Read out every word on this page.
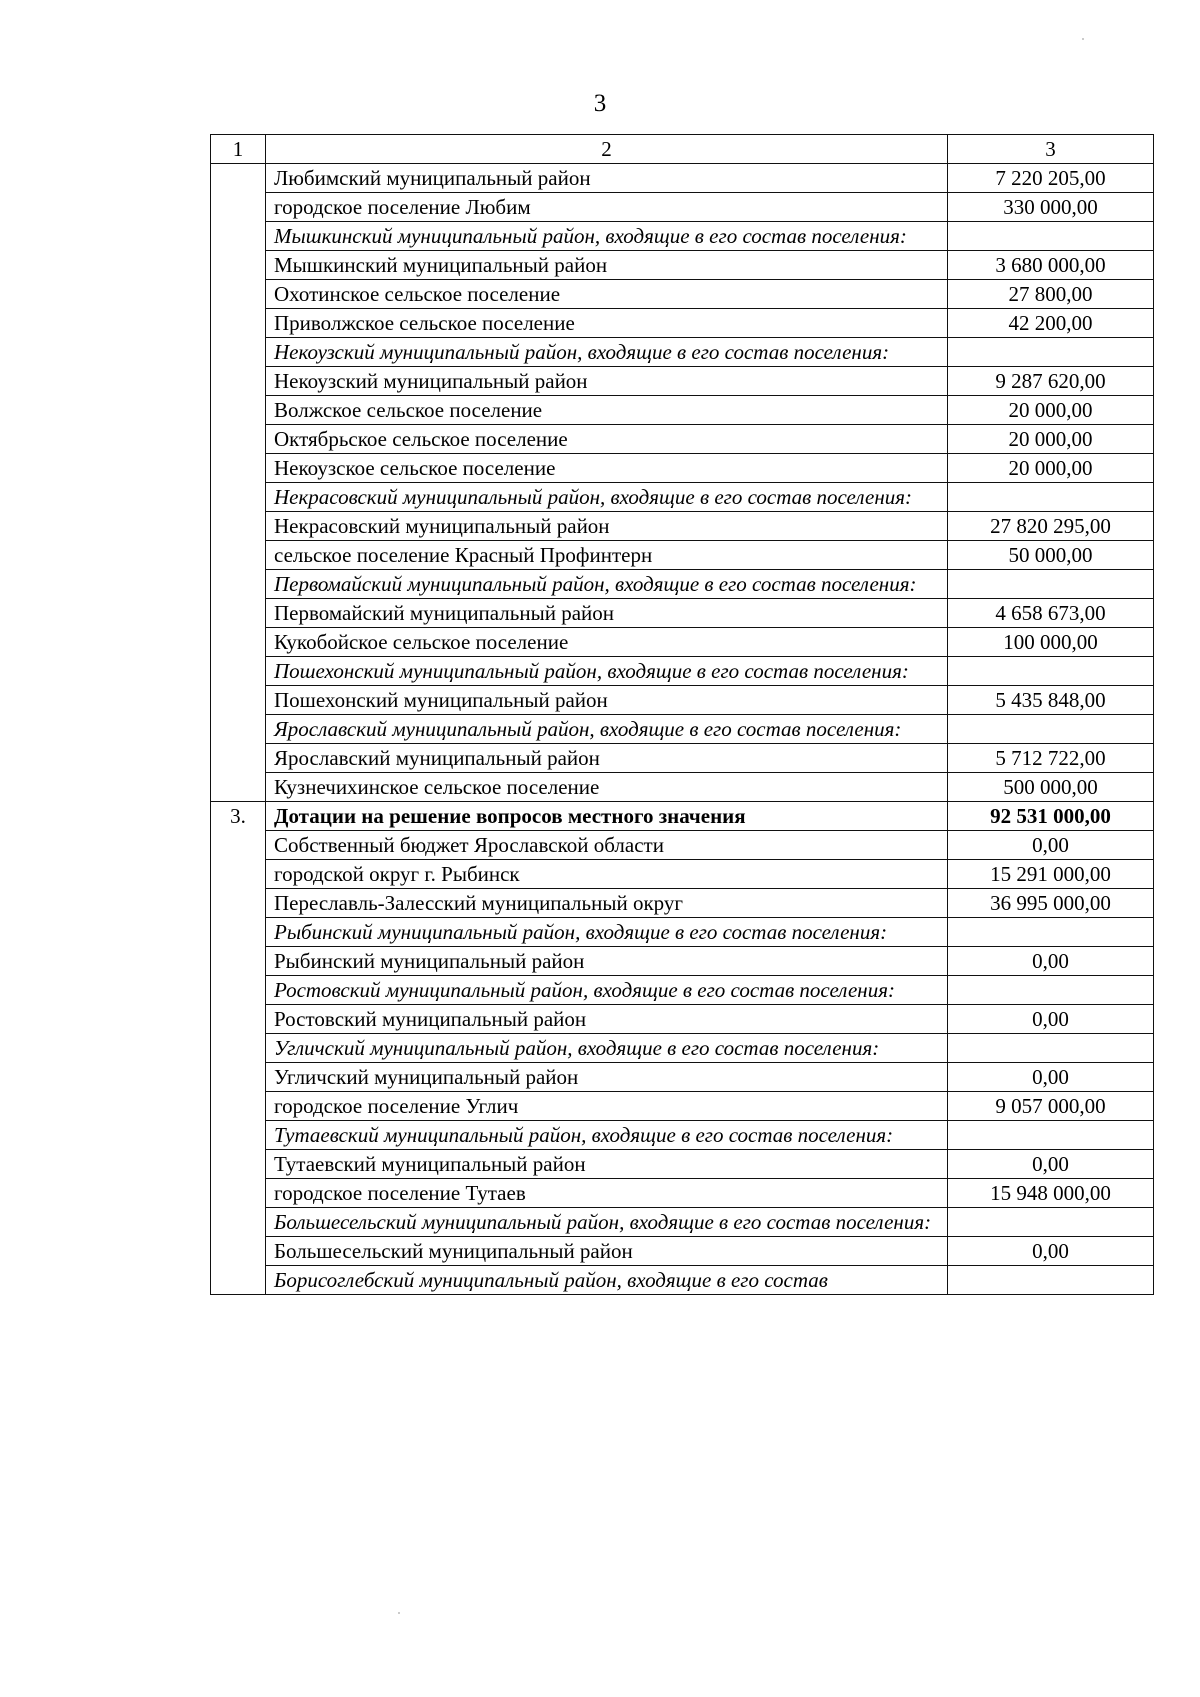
3
1	2	3
	Любимский муниципальный район	7 220 205,00
	городское поселение Любим	330 000,00
	Мышкинский муниципальный район, входящие в его состав поселения:	
	Мышкинский муниципальный район	3 680 000,00
	Охотинское сельское поселение	27 800,00
	Приволжское сельское поселение	42 200,00
	Некоузский муниципальный район, входящие в его состав поселения:	
	Некоузский муниципальный район	9 287 620,00
	Волжское сельское поселение	20 000,00
	Октябрьское сельское поселение	20 000,00
	Некоузское сельское поселение	20 000,00
	Некрасовский муниципальный район, входящие в его состав поселения:	
	Некрасовский муниципальный район	27 820 295,00
	сельское поселение Красный Профинтерн	50 000,00
	Первомайский муниципальный район, входящие в его состав поселения:	
	Первомайский муниципальный район	4 658 673,00
	Кукобойское сельское поселение	100 000,00
	Пошехонский муниципальный район, входящие в его состав поселения:	
	Пошехонский муниципальный район	5 435 848,00
	Ярославский муниципальный район, входящие в его состав поселения:	
	Ярославский муниципальный район	5 712 722,00
	Кузнечихинское сельское поселение	500 000,00
3.	Дотации на решение вопросов местного значения	92 531 000,00
	Собственный бюджет Ярославской области	0,00
	городской округ г. Рыбинск	15 291 000,00
	Переславль-Залесский муниципальный округ	36 995 000,00
	Рыбинский муниципальный район, входящие в его состав поселения:	
	Рыбинский муниципальный район	0,00
	Ростовский муниципальный район, входящие в его состав поселения:	
	Ростовский муниципальный район	0,00
	Угличский муниципальный район, входящие в его состав поселения:	
	Угличский муниципальный район	0,00
	городское поселение Углич	9 057 000,00
	Тутаевский муниципальный район, входящие в его состав поселения:	
	Тутаевский муниципальный район	0,00
	городское поселение Тутаев	15 948 000,00
	Большесельский муниципальный район, входящие в его состав поселения:	
	Большесельский муниципальный район	0,00
	Борисоглебский муниципальный район, входящие в его состав	
